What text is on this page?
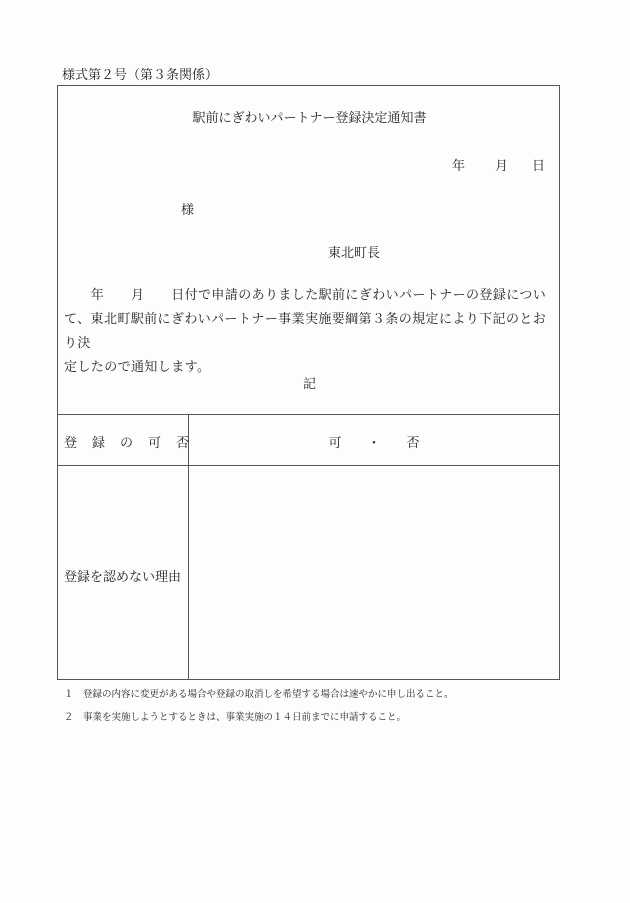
様式第２号（第３条関係）
駅前にぎわいパートナー登録決定通知書
年 月 日
様
東北町長
　　年　　月　　日付で申請のありました駅前にぎわいパートナーの登録につい
て、東北町駅前にぎわいパートナー事業実施要綱第３条の規定により下記のとおり決
定したので通知します。
記
登　録　の　可　否	可　　・　　否
登録を認めない理由
１　登録の内容に変更がある場合や登録の取消しを希望する場合は速やかに申し出ること。
２　事業を実施しようとするときは、事業実施の１４日前までに申請すること。
